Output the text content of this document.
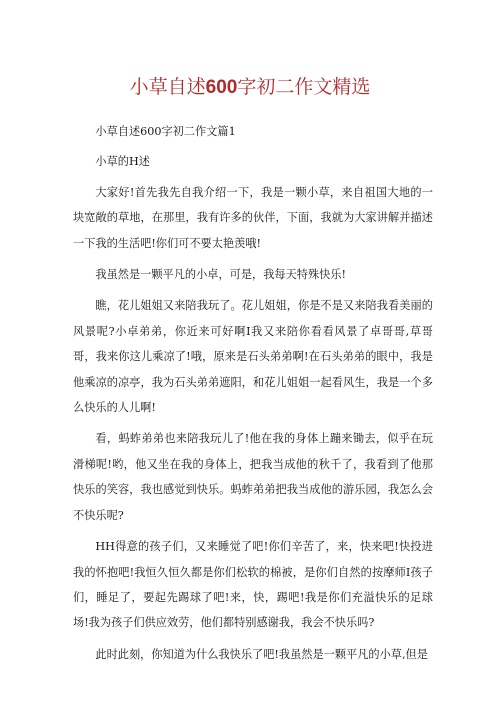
小草自述600字初二作文精选

小草自述600字初二作文篇1

小草的H述

大家好!首先我先自我介绍一下，我是一颗小草，来自祖国大地的一块宽敞的草地，在那里，我有许多的伙伴，下面，我就为大家讲解并描述一下我的生活吧!你们可不要太艳羡哦!

我虽然是一颗平凡的小卓，可是，我每天特殊快乐!

瞧，花儿姐姐又来陪我玩了。花儿姐姐，你是不是又来陪我看美丽的风景呢?小卓弟弟，你近来可好啊I我又来陪你看看风景了卓哥哥,草哥哥，我来你这儿乘凉了!哦，原来是石头弟弟啊!在石头弟弟的眼中，我是他乘凉的凉亭，我为石头弟弟遮阳，和花儿姐姐一起看风生，我是一个多么快乐的人儿啊!

看，蚂蚱弟弟也来陪我玩儿了!他在我的身体上蹦来锄去，似乎在玩滑梯呢!哟，他又坐在我的身体上，把我当成他的秋千了，我看到了他那快乐的笑容，我也感觉到快乐。蚂蚱弟弟把我当成他的游乐园，我怎么会不快乐呢?

HH得意的孩子们，又来睡觉了吧!你们辛苦了，来，快来吧!快投进我的怀抱吧!我恒久恒久都是你们松软的棉被，是你们自然的按摩师I孩子们，睡足了，要起先踢球了吧!来，快，踢吧!我是你们充溢快乐的足球场!我为孩子们供应效劳，他们都特别感谢我，我会不快乐吗?

此时此刻，你知道为什么我快乐了吧!我虽然是一颗平凡的小草,但是
